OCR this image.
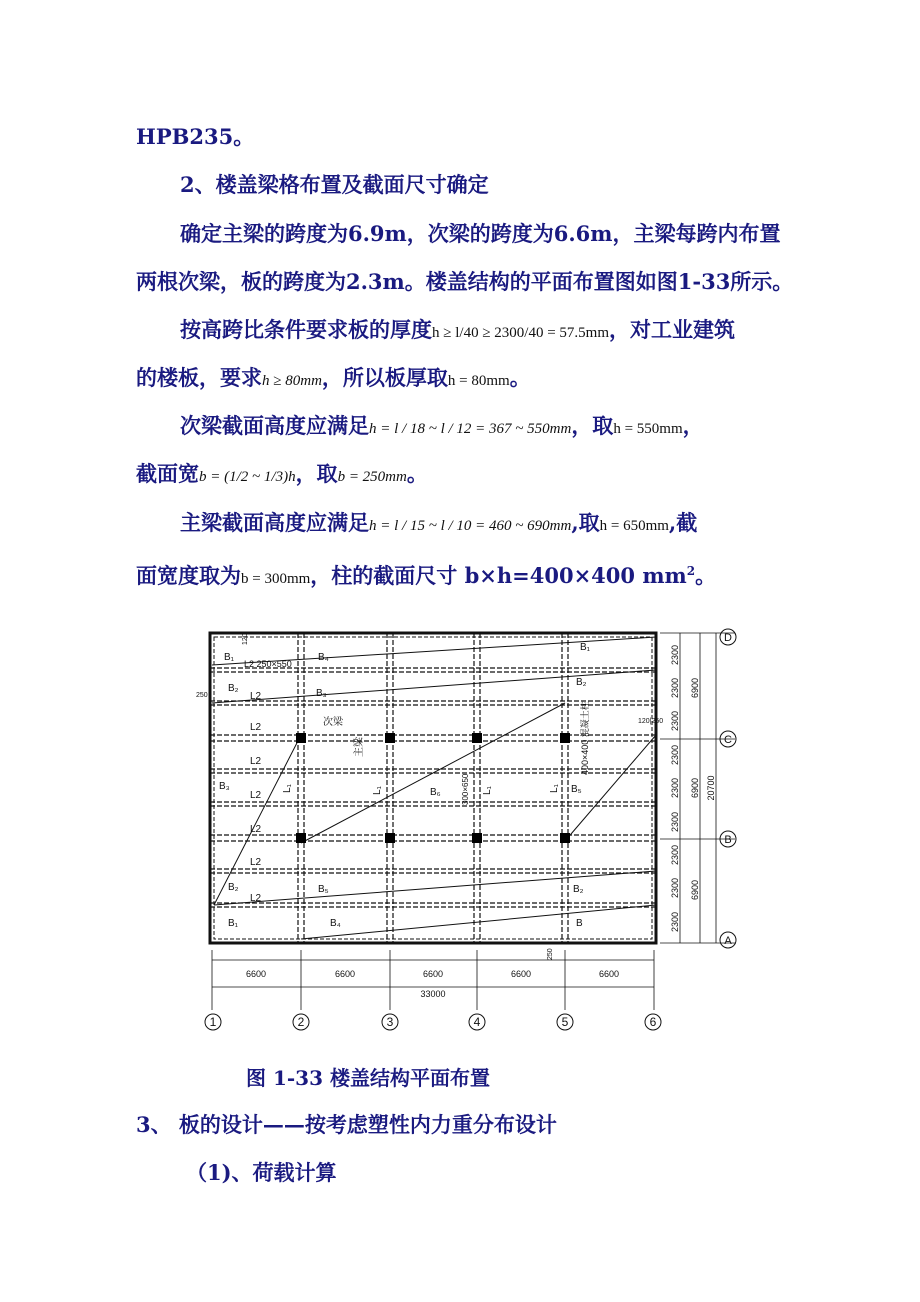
HPB235。
2、楼盖梁格布置及截面尺寸确定
确定主梁的跨度为6.9m，次梁的跨度为6.6m，主梁每跨内布置
两根次梁，板的跨度为2.3m。楼盖结构的平面布置图如图1-33所示。
按高跨比条件要求板的厚度h ≥ l/40 ≥ 2300/40 = 57.5mm，对工业建筑
的楼板，要求h ≥ 80mm，所以板厚取h = 80mm。
次梁截面高度应满足h = l / 18 ~ l / 12 = 367 ~ 550mm，取h = 550mm，
截面宽b = (1/2 ~ 1/3)h，取b = 250mm。
主梁截面高度应满足h = l / 15 ~ l / 10 = 460 ~ 690mm,取h = 650mm,截
面宽度取为b = 300mm，柱的截面尺寸 b×h=400×400 $mm^2$。
1	2	3	4	5	6
D
C
B
A
6600	6600	6600	6600	6600
33000
2300
2300
2300
2300
2300
2300
2300
2300
2300
6900
6900
6900
20700
B₁	B₄
B₁
L2 250×550
B₂
L2	B₃
B₂
L2	次梁
主梁
L2
B₃	L₁
L2	L₁	B₆	300×650 L₁	L₁ B₅
400×400 混凝土柱
L2
L2
B₂	B₅	B₂
L2
B₁	B₄	B
120
250
120|250
250
图 1-33 楼盖结构平面布置
3、 板的设计——按考虑塑性内力重分布设计
（1)、荷载计算
